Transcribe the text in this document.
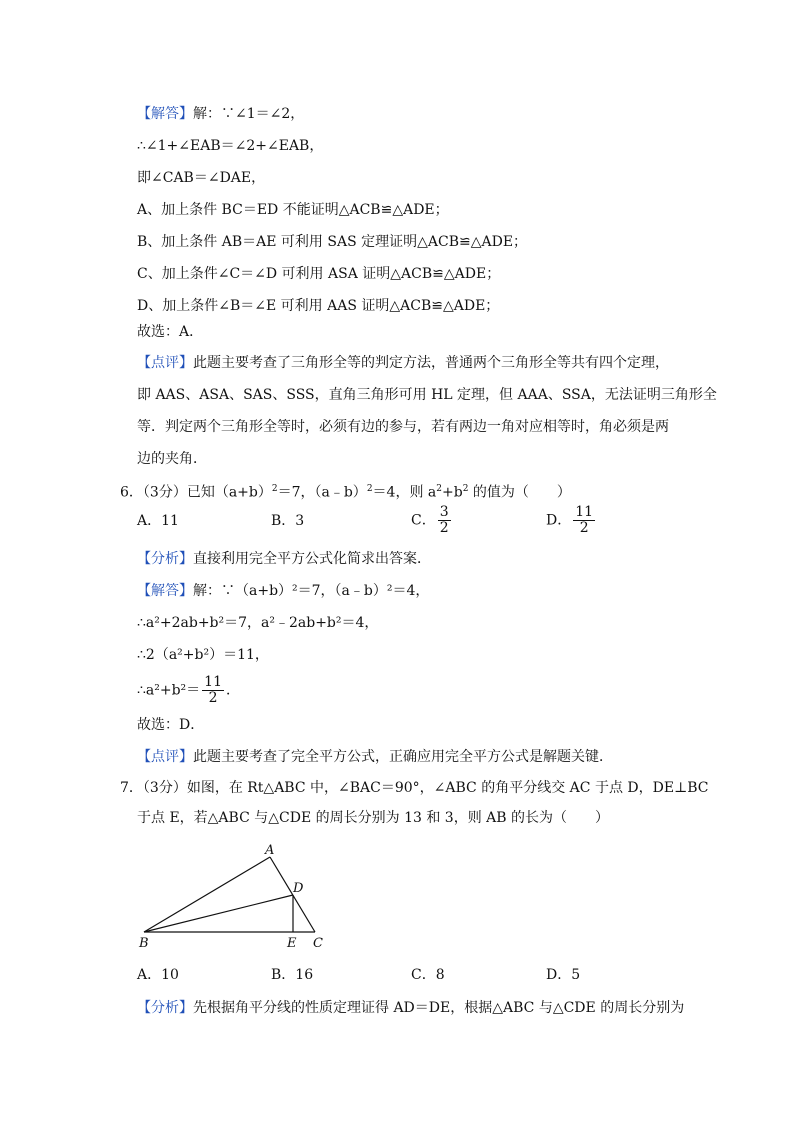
【解答】解：∵∠1＝∠2，
∴∠1+∠EAB＝∠2+∠EAB，
即∠CAB＝∠DAE，
A、加上条件 BC＝ED 不能证明△ACB≌△ADE；
B、加上条件 AB＝AE 可利用 SAS 定理证明△ACB≌△ADE；
C、加上条件∠C＝∠D 可利用 ASA 证明△ACB≌△ADE；
D、加上条件∠B＝∠E 可利用 AAS 证明△ACB≌△ADE；
故选：A．
【点评】此题主要考查了三角形全等的判定方法，普通两个三角形全等共有四个定理，
即 AAS、ASA、SAS、SSS，直角三角形可用 HL 定理，但 AAA、SSA，无法证明三角形全
等．判定两个三角形全等时，必须有边的参与，若有两边一角对应相等时，角必须是两
边的夹角．
6．（3分）已知$(a+b)^2=7$，（a﹣b）$^2$＝4，则 $a^2+b^2$ 的值为（　　）
A．11	B．3	C． $\frac{3}{2}$	D． $\frac{11}{2}$
【分析】直接利用完全平方公式化简求出答案．
【解答】解：∵（a+b）²＝7，（a﹣b）²＝4，
∴a²+2ab+b²＝7，a²﹣2ab+b²＝4，
∴2（a²+b²）＝11，
∴a²+b²＝ $\frac{11}{2}$ ．
故选：D．
【点评】此题主要考查了完全平方公式，正确应用完全平方公式是解题关键．
7．（3分）如图，在 Rt△ABC 中，∠BAC＝90°，∠ABC 的角平分线交 AC 于点 D，DE⊥BC
于点 E，若△ABC 与△CDE 的周长分别为 13 和 3，则 AB 的长为（　　）
A
D
B	E C
A．10	B．16	C．8	D．5
【分析】先根据角平分线的性质定理证得 AD＝DE，根据△ABC 与△CDE 的周长分别为
